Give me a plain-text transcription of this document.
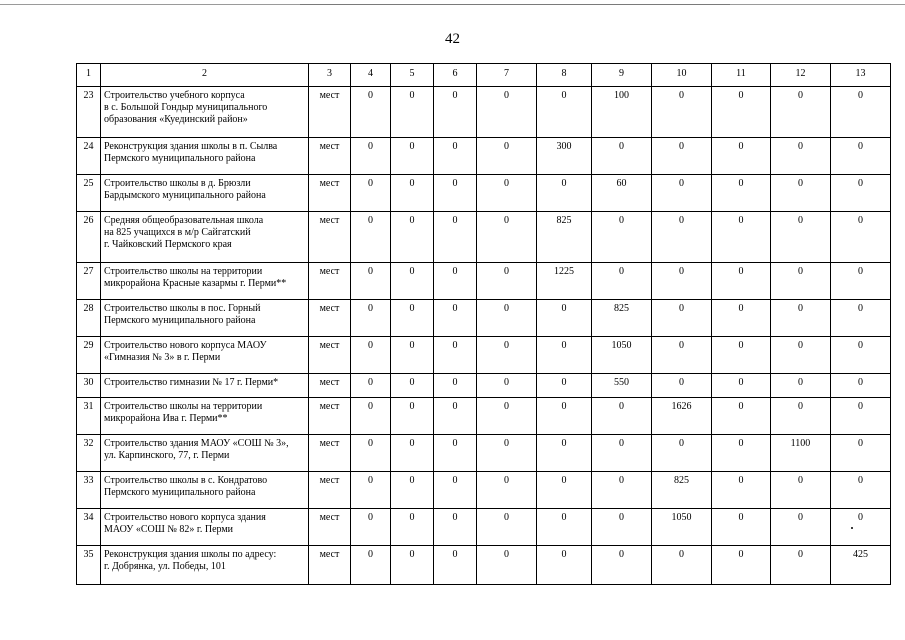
42
1	2	3	4	5	6	7	8	9	10	11	12	13
23	Строительство учебного корпуса
в с. Большой Гондыр муниципального
образования «Куединский район»	мест	0	0	0	0	0	100	0	0	0	0
24	Реконструкция здания школы в п. Сылва
Пермского муниципального района	мест	0	0	0	0	300	0	0	0	0	0
25	Строительство школы в д. Брюзли
Бардымского муниципального района	мест	0	0	0	0	0	60	0	0	0	0
26	Средняя общеобразовательная школа
на 825 учащихся в м/р Сайгатский
г. Чайковский Пермского края	мест	0	0	0	0	825	0	0	0	0	0
27	Строительство школы на территории
микрорайона Красные казармы г. Перми**	мест	0	0	0	0	1225	0	0	0	0	0
28	Строительство школы в пос. Горный
Пермского муниципального района	мест	0	0	0	0	0	825	0	0	0	0
29	Строительство нового корпуса МАОУ
«Гимназия № 3» в г. Перми	мест	0	0	0	0	0	1050	0	0	0	0
30	Строительство гимназии № 17 г. Перми*	мест	0	0	0	0	0	550	0	0	0	0
31	Строительство школы на территории
микрорайона Ива г. Перми**	мест	0	0	0	0	0	0	1626	0	0	0
32	Строительство здания МАОУ «СОШ № 3»,
ул. Карпинского, 77, г. Перми	мест	0	0	0	0	0	0	0	0	1100	0
33	Строительство школы в с. Кондратово
Пермского муниципального района	мест	0	0	0	0	0	0	825	0	0	0
34	Строительство нового корпуса здания
МАОУ «СОШ № 82» г. Перми	мест	0	0	0	0	0	0	1050	0	0	0
35	Реконструкция здания школы по адресу:
г. Добрянка, ул. Победы, 101	мест	0	0	0	0	0	0	0	0	0	425
